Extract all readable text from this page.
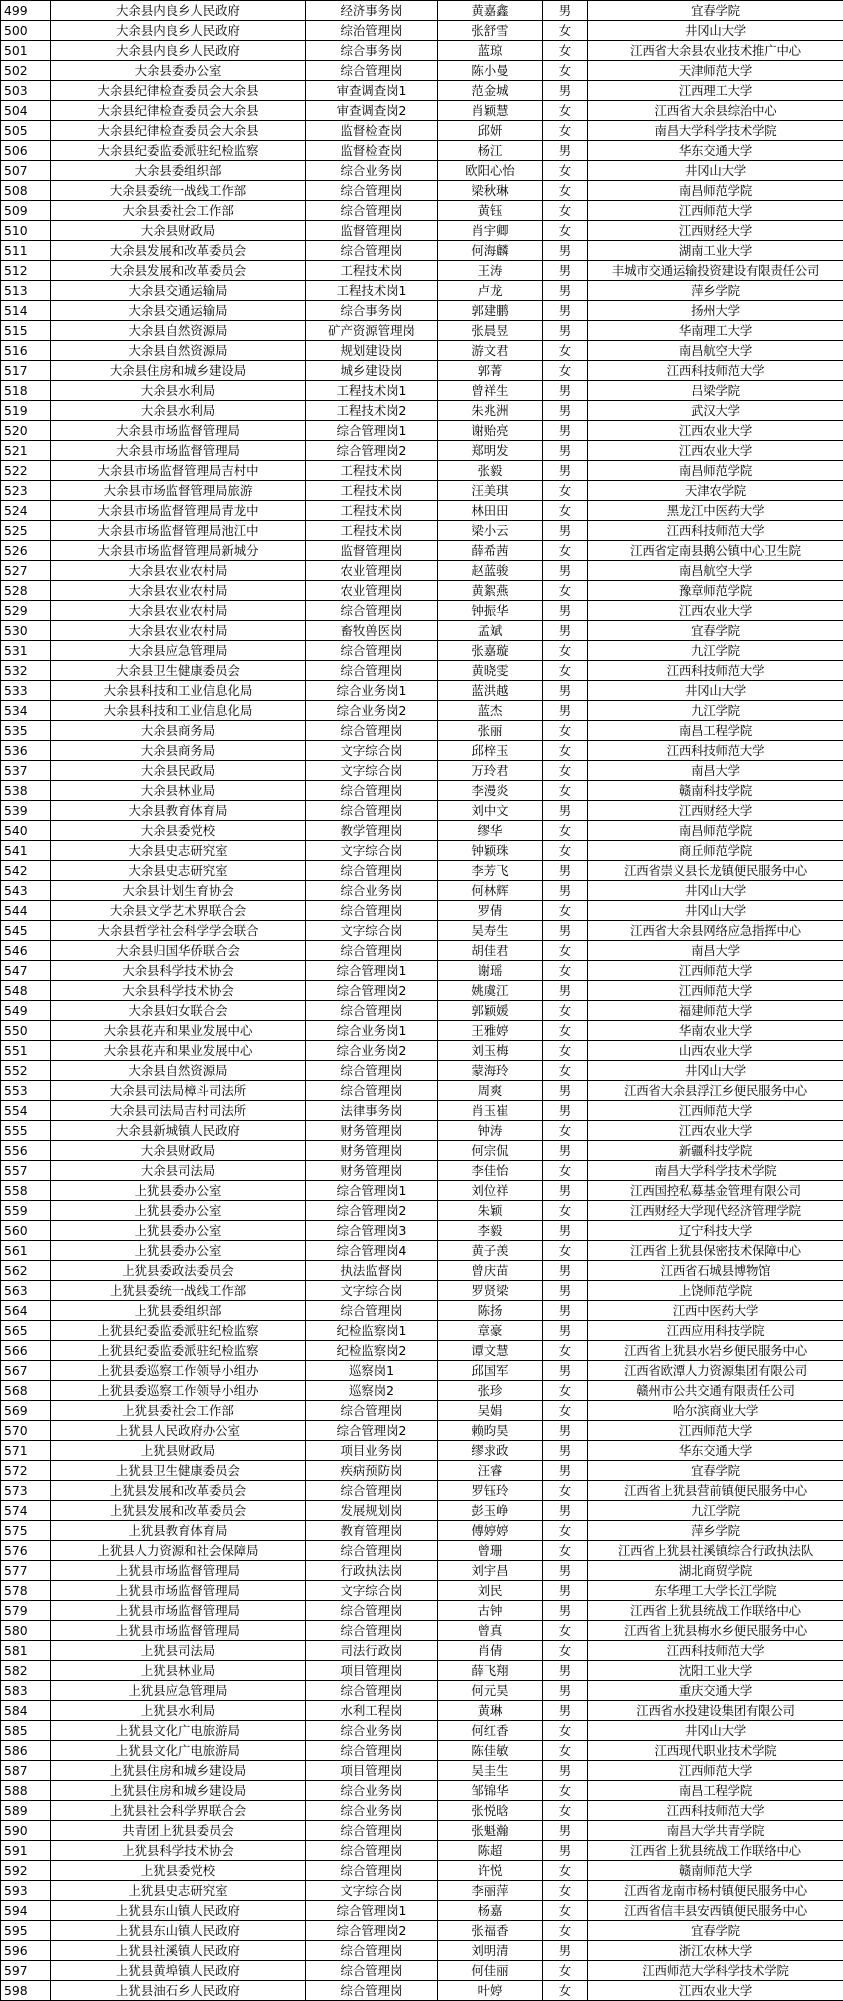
499	大余县内良乡人民政府	经济事务岗	黄嘉鑫	男	宜春学院
500	大余县内良乡人民政府	综治管理岗	张舒雪	女	井冈山大学
501	大余县内良乡人民政府	综合事务岗	蓝琼	女	江西省大余县农业技术推广中心
502	大余县委办公室	综合管理岗	陈小曼	女	天津师范大学
503	大余县纪律检查委员会大余县	审查调查岗1	范金城	男	江西理工大学
504	大余县纪律检查委员会大余县	审查调查岗2	肖颖慧	女	江西省大余县综治中心
505	大余县纪律检查委员会大余县	监督检查岗	邱妍	女	南昌大学科学技术学院
506	大余县纪委监委派驻纪检监察	监督检查岗	杨江	男	华东交通大学
507	大余县委组织部	综合业务岗	欧阳心怡	女	井冈山大学
508	大余县委统一战线工作部	综合管理岗	梁秋琳	女	南昌师范学院
509	大余县委社会工作部	综合管理岗	黄钰	女	江西师范大学
510	大余县财政局	监督管理岗	肖宇卿	女	江西财经大学
511	大余县发展和改革委员会	综合管理岗	何海麟	男	湖南工业大学
512	大余县发展和改革委员会	工程技术岗	王涛	男	丰城市交通运输投资建设有限责任公司
513	大余县交通运输局	工程技术岗1	卢龙	男	萍乡学院
514	大余县交通运输局	综合事务岗	郭建鹏	男	扬州大学
515	大余县自然资源局	矿产资源管理岗	张晨昱	男	华南理工大学
516	大余县自然资源局	规划建设岗	游文君	女	南昌航空大学
517	大余县住房和城乡建设局	城乡建设岗	郭菁	女	江西科技师范大学
518	大余县水利局	工程技术岗1	曾祥生	男	吕梁学院
519	大余县水利局	工程技术岗2	朱兆洲	男	武汉大学
520	大余县市场监督管理局	综合管理岗1	谢贻亮	男	江西农业大学
521	大余县市场监督管理局	综合管理岗2	郑明发	男	江西农业大学
522	大余县市场监督管理局吉村中	工程技术岗	张毅	男	南昌师范学院
523	大余县市场监督管理局旅游	工程技术岗	汪美琪	女	天津农学院
524	大余县市场监督管理局青龙中	工程技术岗	林田田	女	黑龙江中医药大学
525	大余县市场监督管理局池江中	工程技术岗	梁小云	男	江西科技师范大学
526	大余县市场监督管理局新城分	监督管理岗	薛希茜	女	江西省定南县鹅公镇中心卫生院
527	大余县农业农村局	农业管理岗	赵蓝骏	男	南昌航空大学
528	大余县农业农村局	农业管理岗	黄絮燕	女	豫章师范学院
529	大余县农业农村局	综合管理岗	钟振华	男	江西农业大学
530	大余县农业农村局	畜牧兽医岗	孟斌	男	宜春学院
531	大余县应急管理局	综合管理岗	张嘉璇	女	九江学院
532	大余县卫生健康委员会	综合管理岗	黄晓雯	女	江西科技师范大学
533	大余县科技和工业信息化局	综合业务岗1	蓝洪越	男	井冈山大学
534	大余县科技和工业信息化局	综合业务岗2	蓝杰	男	九江学院
535	大余县商务局	综合管理岗	张丽	女	南昌工程学院
536	大余县商务局	文字综合岗	邱梓玉	女	江西科技师范大学
537	大余县民政局	文字综合岗	万玲君	女	南昌大学
538	大余县林业局	综合管理岗	李漫炎	女	赣南科技学院
539	大余县教育体育局	综合管理岗	刘中文	男	江西财经大学
540	大余县委党校	教学管理岗	缪华	女	南昌师范学院
541	大余县史志研究室	文字综合岗	钟颖珠	女	商丘师范学院
542	大余县史志研究室	综合管理岗	李芳飞	男	江西省崇义县长龙镇便民服务中心
543	大余县计划生育协会	综合业务岗	何林辉	男	井冈山大学
544	大余县文学艺术界联合会	综合管理岗	罗倩	女	井冈山大学
545	大余县哲学社会科学学会联合	文字综合岗	吴寿生	男	江西省大余县网络应急指挥中心
546	大余县归国华侨联合会	综合管理岗	胡佳君	女	南昌大学
547	大余县科学技术协会	综合管理岗1	谢瑶	女	江西师范大学
548	大余县科学技术协会	综合管理岗2	姚虞江	男	江西师范大学
549	大余县妇女联合会	综合管理岗	郭颖媛	女	福建师范大学
550	大余县花卉和果业发展中心	综合业务岗1	王雅婷	女	华南农业大学
551	大余县花卉和果业发展中心	综合业务岗2	刘玉梅	女	山西农业大学
552	大余县自然资源局	综合管理岗	蒙海玲	女	井冈山大学
553	大余县司法局樟斗司法所	综合管理岗	周爽	男	江西省大余县浮江乡便民服务中心
554	大余县司法局吉村司法所	法律事务岗	肖玉崔	男	江西师范大学
555	大余县新城镇人民政府	财务管理岗	钟涛	女	江西农业大学
556	大余县财政局	财务管理岗	何宗侃	男	新疆科技学院
557	大余县司法局	财务管理岗	李佳怡	女	南昌大学科学技术学院
558	上犹县委办公室	综合管理岗1	刘位祥	男	江西国控私募基金管理有限公司
559	上犹县委办公室	综合管理岗2	朱颖	女	江西财经大学现代经济管理学院
560	上犹县委办公室	综合管理岗3	李毅	男	辽宁科技大学
561	上犹县委办公室	综合管理岗4	黄子羡	女	江西省上犹县保密技术保障中心
562	上犹县委政法委员会	执法监督岗	曾庆苗	男	江西省石城县博物馆
563	上犹县委统一战线工作部	文字综合岗	罗贤梁	男	上饶师范学院
564	上犹县委组织部	综合管理岗	陈扬	男	江西中医药大学
565	上犹县纪委监委派驻纪检监察	纪检监察岗1	章豪	男	江西应用科技学院
566	上犹县纪委监委派驻纪检监察	纪检监察岗2	谭文慧	女	江西省上犹县水岩乡便民服务中心
567	上犹县委巡察工作领导小组办	巡察岗1	邱国军	男	江西省欧潭人力资源集团有限公司
568	上犹县委巡察工作领导小组办	巡察岗2	张珍	女	赣州市公共交通有限责任公司
569	上犹县委社会工作部	综合管理岗	吴娟	女	哈尔滨商业大学
570	上犹县人民政府办公室	综合管理岗2	赖昀昊	男	江西师范大学
571	上犹县财政局	项目业务岗	缪求政	男	华东交通大学
572	上犹县卫生健康委员会	疾病预防岗	汪睿	男	宜春学院
573	上犹县发展和改革委员会	综合管理岗	罗钰玲	女	江西省上犹县营前镇便民服务中心
574	上犹县发展和改革委员会	发展规划岗	彭玉峥	男	九江学院
575	上犹县教育体育局	教育管理岗	傅婷婷	女	萍乡学院
576	上犹县人力资源和社会保障局	综合管理岗	曾珊	女	江西省上犹县社溪镇综合行政执法队
577	上犹县市场监督管理局	行政执法岗	刘宇昌	男	湖北商贸学院
578	上犹县市场监督管理局	文字综合岗	刘民	男	东华理工大学长江学院
579	上犹县市场监督管理局	综合管理岗	古钟	男	江西省上犹县统战工作联络中心
580	上犹县市场监督管理局	综合管理岗	曾真	女	江西省上犹县梅水乡便民服务中心
581	上犹县司法局	司法行政岗	肖倩	女	江西科技师范大学
582	上犹县林业局	项目管理岗	薛飞翔	男	沈阳工业大学
583	上犹县应急管理局	综合管理岗	何元昊	男	重庆交通大学
584	上犹县水利局	水利工程岗	黄琳	男	江西省水投建设集团有限公司
585	上犹县文化广电旅游局	综合业务岗	何红香	女	井冈山大学
586	上犹县文化广电旅游局	综合管理岗	陈佳敏	女	江西现代职业技术学院
587	上犹县住房和城乡建设局	项目管理岗	吴圭生	男	江西师范大学
588	上犹县住房和城乡建设局	综合业务岗	邹锦华	女	南昌工程学院
589	上犹县社会科学界联合会	综合业务岗	张悦晗	女	江西科技师范大学
590	共青团上犹县委员会	综合管理岗	张魁瀚	男	南昌大学共青学院
591	上犹县科学技术协会	综合管理岗	陈超	男	江西省上犹县统战工作联络中心
592	上犹县委党校	综合管理岗	许悦	女	赣南师范大学
593	上犹县史志研究室	文字综合岗	李丽萍	女	江西省龙南市杨村镇便民服务中心
594	上犹县东山镇人民政府	综合管理岗1	杨嘉	女	江西省信丰县安西镇便民服务中心
595	上犹县东山镇人民政府	综合管理岗2	张福香	女	宜春学院
596	上犹县社溪镇人民政府	综合管理岗	刘明清	男	浙江农林大学
597	上犹县黄埠镇人民政府	综合管理岗	何佳丽	女	江西师范大学科学技术学院
598	上犹县油石乡人民政府	综合管理岗	叶婷	女	江西农业大学
